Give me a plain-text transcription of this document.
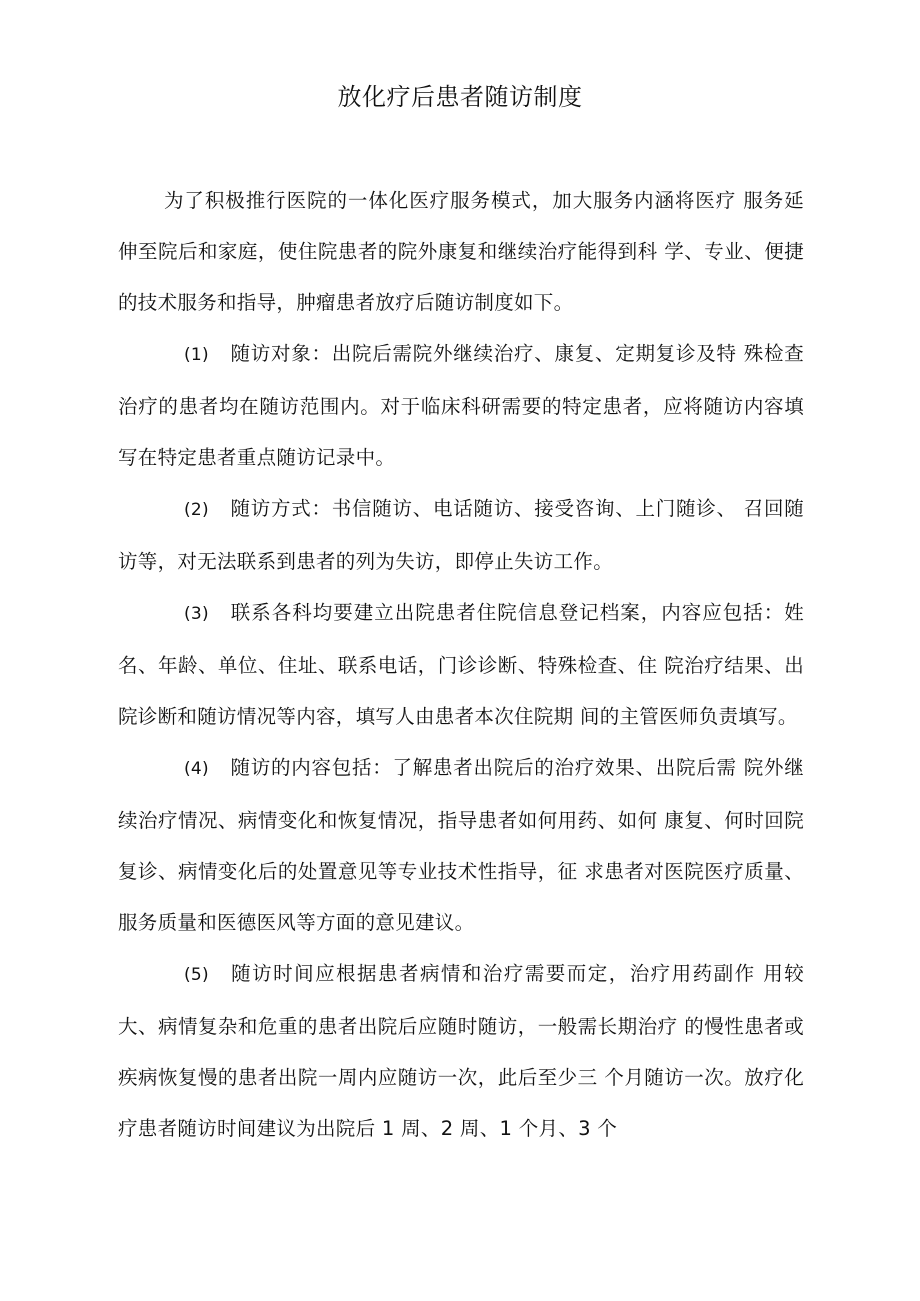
放化疗后患者随访制度

为了积极推行医院的一体化医疗服务模式，加大服务内涵将医疗 服务延伸至院后和家庭，使住院患者的院外康复和继续治疗能得到科 学、专业、便捷的技术服务和指导，肿瘤患者放疗后随访制度如下。

(1) 随访对象：出院后需院外继续治疗、康复、定期复诊及特 殊检查治疗的患者均在随访范围内。对于临床科研需要的特定患者，应将随访内容填写在特定患者重点随访记录中。

(2) 随访方式：书信随访、电话随访、接受咨询、上门随诊、 召回随访等，对无法联系到患者的列为失访，即停止失访工作。

(3) 联系各科均要建立出院患者住院信息登记档案，内容应包括：姓名、年龄、单位、住址、联系电话，门诊诊断、特殊检查、住 院治疗结果、出院诊断和随访情况等内容，填写人由患者本次住院期 间的主管医师负责填写。

(4) 随访的内容包括：了解患者出院后的治疗效果、出院后需 院外继续治疗情况、病情变化和恢复情况，指导患者如何用药、如何 康复、何时回院复诊、病情变化后的处置意见等专业技术性指导，征 求患者对医院医疗质量、服务质量和医德医风等方面的意见建议。

(5) 随访时间应根据患者病情和治疗需要而定，治疗用药副作 用较大、病情复杂和危重的患者出院后应随时随访，一般需长期治疗 的慢性患者或疾病恢复慢的患者出院一周内应随访一次，此后至少三 个月随访一次。放疗化疗患者随访时间建议为出院后 1 周、2 周、1 个月、3 个
